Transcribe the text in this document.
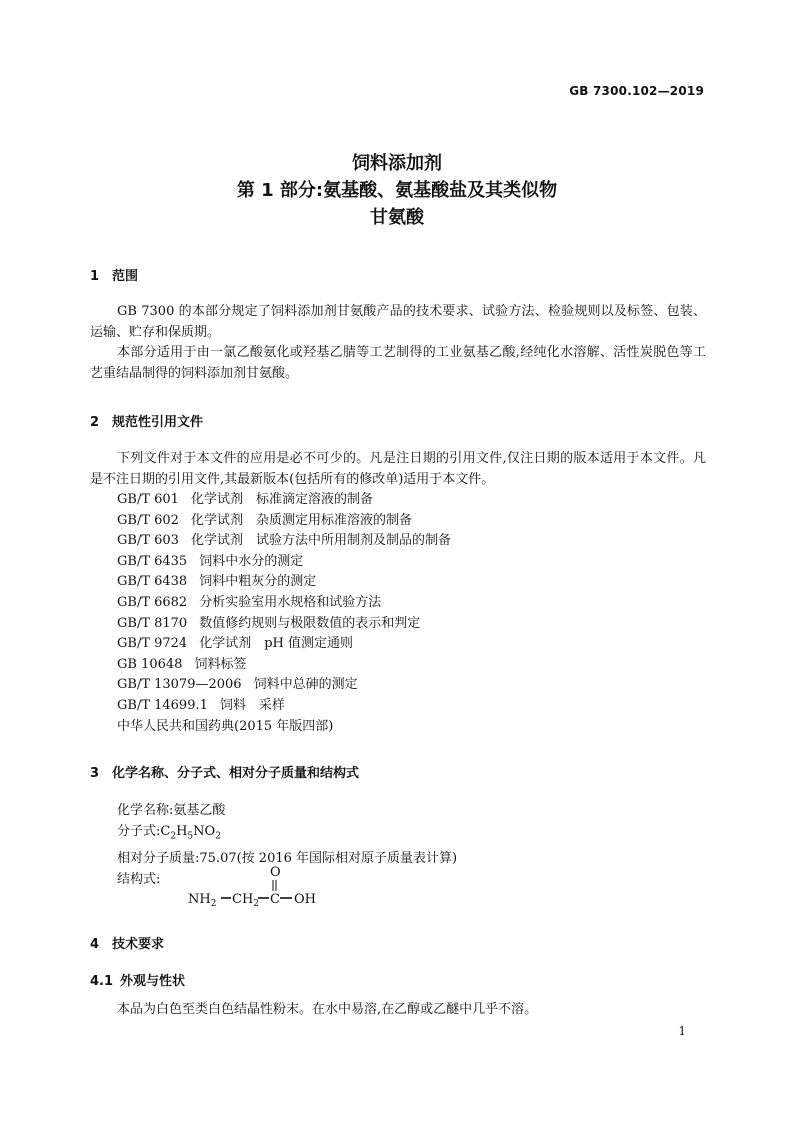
GB 7300.102—2019
饲料添加剂
第 1 部分:氨基酸、氨基酸盐及其类似物
甘氨酸
1 范围

GB 7300 的本部分规定了饲料添加剂甘氨酸产品的技术要求、试验方法、检验规则以及标签、包装、运输、贮存和保质期。

本部分适用于由一氯乙酸氨化或羟基乙腈等工艺制得的工业氨基乙酸,经纯化水溶解、活性炭脱色等工艺重结晶制得的饲料添加剂甘氨酸。

2 规范性引用文件

下列文件对于本文件的应用是必不可少的。凡是注日期的引用文件,仅注日期的版本适用于本文件。凡是不注日期的引用文件,其最新版本(包括所有的修改单)适用于本文件。

GB/T 601 化学试剂　标准滴定溶液的制备
GB/T 602 化学试剂　杂质测定用标准溶液的制备
GB/T 603 化学试剂　试验方法中所用制剂及制品的制备
GB/T 6435 饲料中水分的测定
GB/T 6438 饲料中粗灰分的测定
GB/T 6682 分析实验室用水规格和试验方法
GB/T 8170 数值修约规则与极限数值的表示和判定
GB/T 9724 化学试剂　pH 值测定通则
GB 10648 饲料标签
GB/T 13079—2006 饲料中总砷的测定
GB/T 14699.1 饲料　采样
中华人民共和国药典(2015 年版四部)
3 化学名称、分子式、相对分子质量和结构式
化学名称:氨基乙酸
分子式$:C_2H_5NO_2$
相对分子质量:75.07(按 2016 年国际相对原子质量表计算)
结构式:	O
$NH_2$ $CH_2$ C OH
4 技术要求
4.1 外观与性状

本品为白色至类白色结晶性粉末。在水中易溶,在乙醇或乙醚中几乎不溶。

1
